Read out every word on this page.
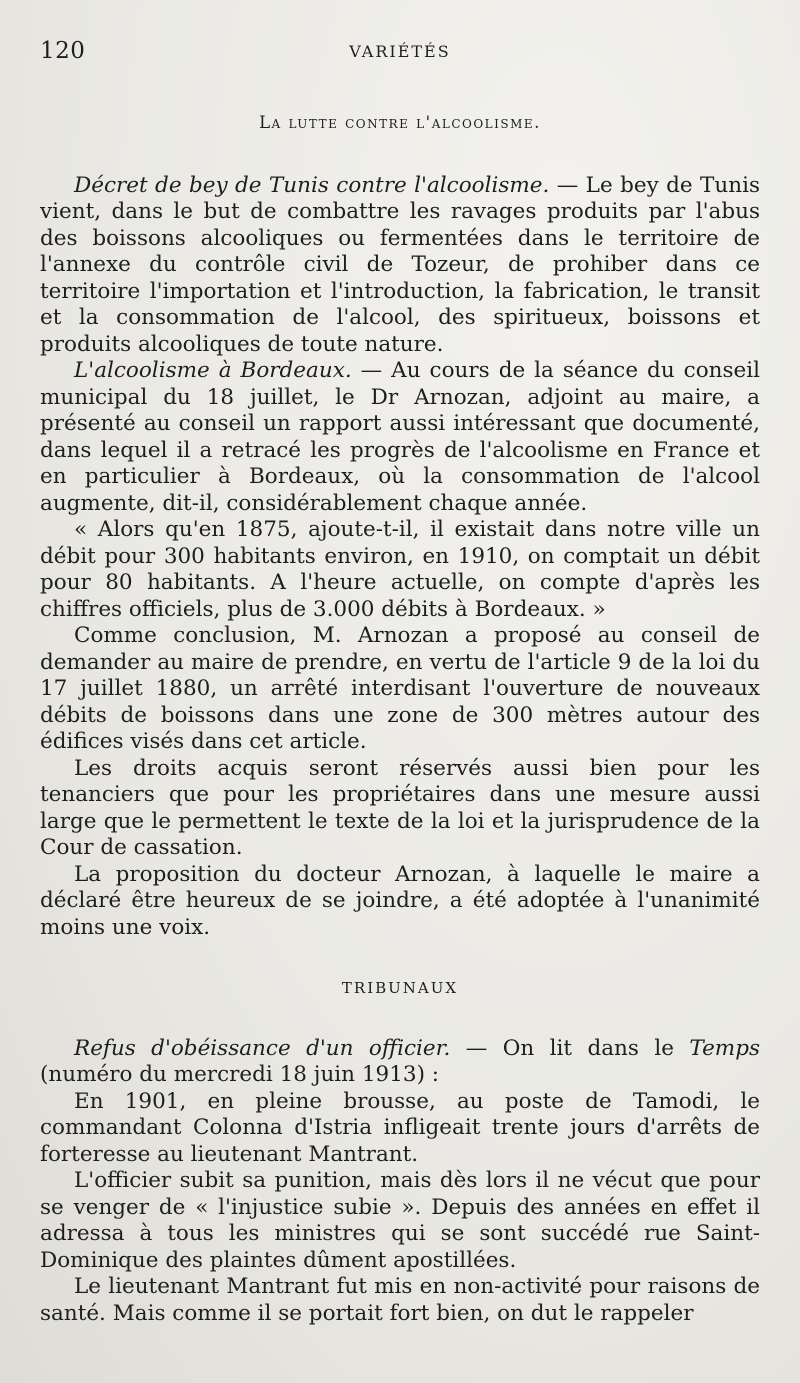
120	VARIÉTÉS
La lutte contre l'alcoolisme.

Décret de bey de Tunis contre l'alcoolisme. — Le bey de Tunis vient, dans le but de combattre les ravages produits par l'abus des boissons alcooliques ou fermentées dans le territoire de l'annexe du contrôle civil de Tozeur, de prohiber dans ce territoire l'importation et l'introduction, la fabrication, le transit et la consommation de l'alcool, des spiritueux, boissons et produits alcooliques de toute nature.

L'alcoolisme à Bordeaux. — Au cours de la séance du conseil municipal du 18 juillet, le Dr Arnozan, adjoint au maire, a présenté au conseil un rapport aussi intéressant que documenté, dans lequel il a retracé les progrès de l'alcoolisme en France et en particulier à Bordeaux, où la consommation de l'alcool augmente, dit-il, considérablement chaque année.

« Alors qu'en 1875, ajoute-t-il, il existait dans notre ville un débit pour 300 habitants environ, en 1910, on comptait un débit pour 80 habitants. A l'heure actuelle, on compte d'après les chiffres officiels, plus de 3.000 débits à Bordeaux. »

Comme conclusion, M. Arnozan a proposé au conseil de demander au maire de prendre, en vertu de l'article 9 de la loi du 17 juillet 1880, un arrêté interdisant l'ouverture de nouveaux débits de boissons dans une zone de 300 mètres autour des édifices visés dans cet article.

Les droits acquis seront réservés aussi bien pour les tenanciers que pour les propriétaires dans une mesure aussi large que le permettent le texte de la loi et la jurisprudence de la Cour de cassation.

La proposition du docteur Arnozan, à laquelle le maire a déclaré être heureux de se joindre, a été adoptée à l'unanimité moins une voix.

TRIBUNAUX

Refus d'obéissance d'un officier. — On lit dans le Temps (numéro du mercredi 18 juin 1913) :

En 1901, en pleine brousse, au poste de Tamodi, le commandant Colonna d'Istria infligeait trente jours d'arrêts de forteresse au lieutenant Mantrant.

L'officier subit sa punition, mais dès lors il ne vécut que pour se venger de « l'injustice subie ». Depuis des années en effet il adressa à tous les ministres qui se sont succédé rue Saint-Dominique des plaintes dûment apostillées.

Le lieutenant Mantrant fut mis en non-activité pour raisons de santé. Mais comme il se portait fort bien, on dut le rappeler
